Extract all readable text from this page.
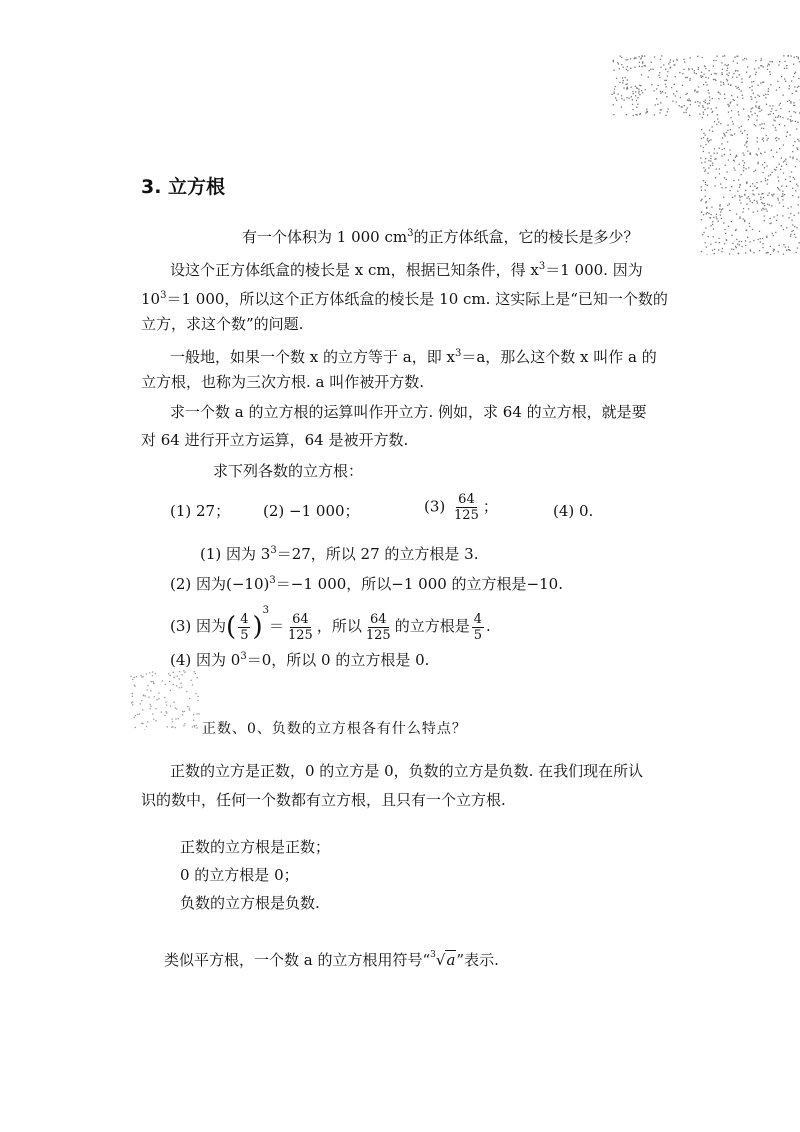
3. 立方根
有一个体积为 1 000 $cm^3$的正方体纸盒，它的棱长是多少？
设这个正方体纸盒的棱长是 x cm，根据已知条件，得 $x^3=1$ 000. 因为
$10^3=1$ 000，所以这个正方体纸盒的棱长是 10 cm. 这实际上是“已知一个数的
立方，求这个数”的问题.
一般地，如果一个数 x 的立方等于 a，即 $x^3=a$，那么这个数 x 叫作 a 的
立方根，也称为三次方根. a 叫作被开方数.
求一个数 a 的立方根的运算叫作开立方. 例如，求 64 的立方根，就是要
对 64 进行开立方运算，64 是被开方数.
求下列各数的立方根：
(1) 27； (2) −1 000；	$(3) \frac{64}{125}$ ；	(4) 0.
(1) 因为 $3^3=27$，所以 27 的立方根是 3.
(2) 因为$(-10)^3=-1$ 000，所以−1 000 的立方根是−10.
(3) 因为( $\frac{4}{5} )^3= \frac{64}{125}$ ，所以 $\frac{64}{125}$ 的立方根是 $\frac{4}{5}$ .
(4) 因为 $0^3=0$，所以 0 的立方根是 0.
正数、0、负数的立方根各有什么特点？
正数的立方是正数，0 的立方是 0，负数的立方是负数. 在我们现在所认
识的数中，任何一个数都有立方根，且只有一个立方根.
正数的立方根是正数；
0 的立方根是 0；
负数的立方根是负数.
类似平方根，一个数 a 的立方根用符号“$^3$√a”表示.
